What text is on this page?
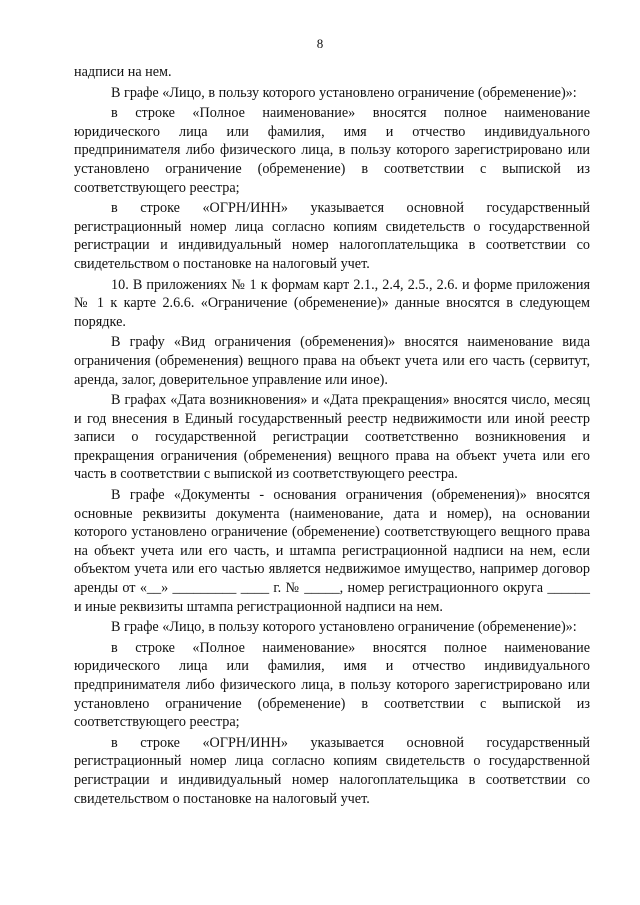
8

надписи на нем.

В графе «Лицо, в пользу которого установлено ограничение (обременение)»:

в строке «Полное наименование» вносятся полное наименование юридического лица или фамилия, имя и отчество индивидуального предпринимателя либо физического лица, в пользу которого зарегистрировано или установлено ограничение (обременение) в соответствии с выпиской из соответствующего реестра;

в строке «ОГРН/ИНН» указывается основной государственный регистрационный номер лица согласно копиям свидетельств о государственной регистрации и индивидуальный номер налогоплательщика в соответствии со свидетельством о постановке на налоговый учет.

10. В приложениях № 1 к формам карт 2.1., 2.4, 2.5., 2.6. и форме приложения № 1 к карте 2.6.6. «Ограничение (обременение)» данные вносятся в следующем порядке.

В графу «Вид ограничения (обременения)» вносятся наименование вида ограничения (обременения) вещного права на объект учета или его часть (сервитут, аренда, залог, доверительное управление или иное).

В графах «Дата возникновения» и «Дата прекращения» вносятся число, месяц и год внесения в Единый государственный реестр недвижимости или иной реестр записи о государственной регистрации соответственно возникновения и прекращения ограничения (обременения) вещного права на объект учета или его часть в соответствии с выпиской из соответствующего реестра.

В графе «Документы - основания ограничения (обременения)» вносятся основные реквизиты документа (наименование, дата и номер), на основании которого установлено ограничение (обременение) соответствующего вещного права на объект учета или его часть, и штампа регистрационной надписи на нем, если объектом учета или его частью является недвижимое имущество, например договор аренды от «__» _________ ____ г. № _____, номер регистрационного округа ______ и иные реквизиты штампа регистрационной надписи на нем.

В графе «Лицо, в пользу которого установлено ограничение (обременение)»:

в строке «Полное наименование» вносятся полное наименование юридического лица или фамилия, имя и отчество индивидуального предпринимателя либо физического лица, в пользу которого зарегистрировано или установлено ограничение (обременение) в соответствии с выпиской из соответствующего реестра;

в строке «ОГРН/ИНН» указывается основной государственный регистрационный номер лица согласно копиям свидетельств о государственной регистрации и индивидуальный номер налогоплательщика в соответствии со свидетельством о постановке на налоговый учет.
